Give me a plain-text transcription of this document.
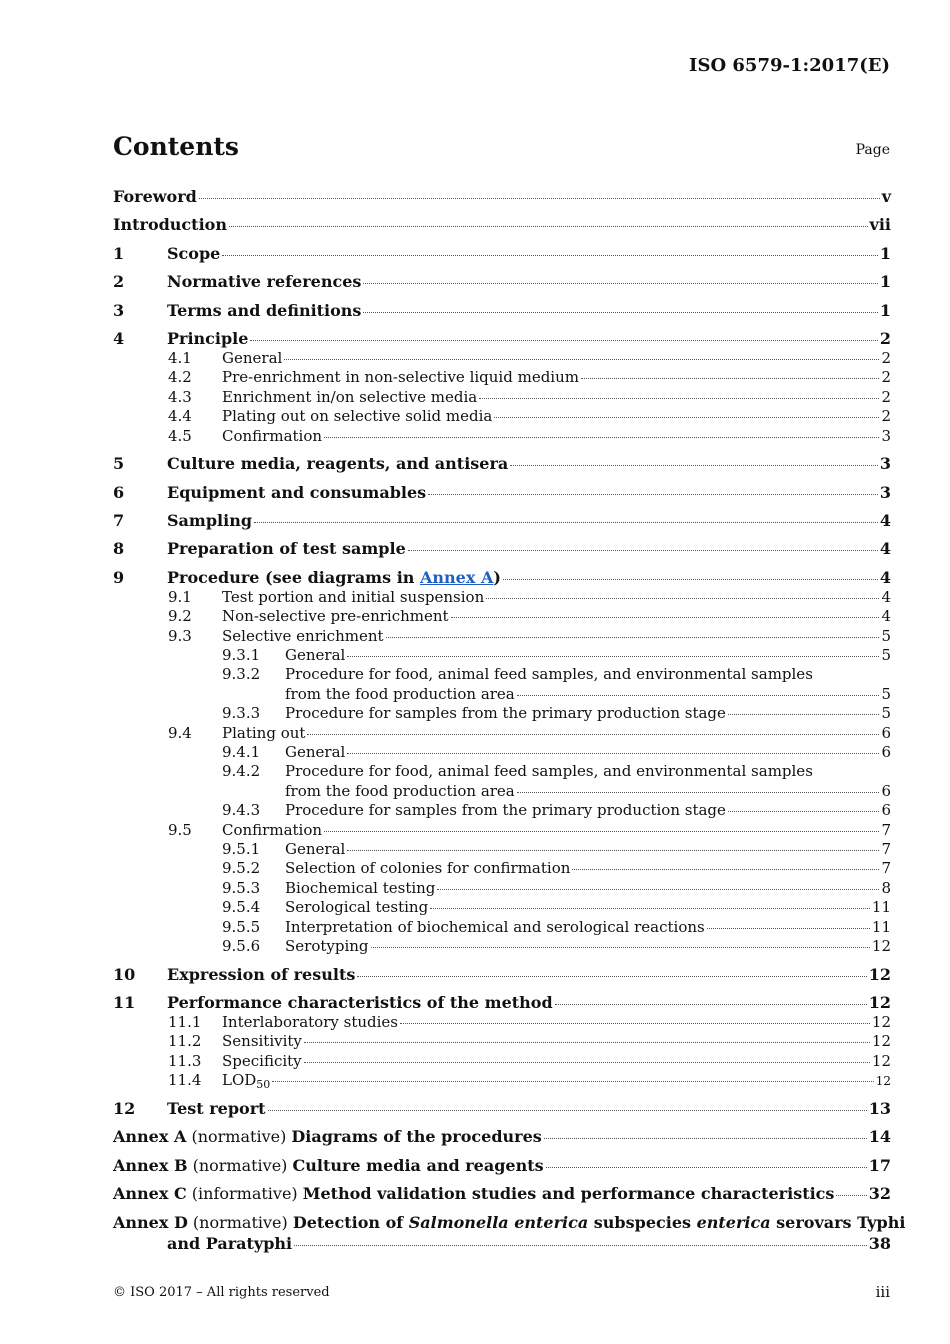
ISO 6579-1:2017(E)
Contents	Page
Foreword	v
Introduction	vii
1	Scope	1
2	Normative references	1
3	Terms and definitions	1
4	Principle	2
4.1 General	2
4.2 Pre-enrichment in non-selective liquid medium	2
4.3 Enrichment in/on selective media	2
4.4 Plating out on selective solid media	2
4.5 Confirmation	3
5	Culture media, reagents, and antisera	3
6	Equipment and consumables	3
7	Sampling	4
8	Preparation of test sample	4
9	Procedure (see diagrams in Annex A)	4
9.1 Test portion and initial suspension	4
9.2 Non-selective pre-enrichment	4
9.3 Selective enrichment	5
9.3.1 General	5
9.3.2 Procedure for food, animal feed samples, and environmental samples
from the food production area	5
9.3.3 Procedure for samples from the primary production stage	5
9.4 Plating out	6
9.4.1 General	6
9.4.2 Procedure for food, animal feed samples, and environmental samples
from the food production area	6
9.4.3 Procedure for samples from the primary production stage	6
9.5 Confirmation	7
9.5.1 General	7
9.5.2 Selection of colonies for confirmation	7
9.5.3 Biochemical testing	8
9.5.4 Serological testing	11
9.5.5 Interpretation of biochemical and serological reactions	11
9.5.6 Serotyping	12
10 Expression of results	12
11 Performance characteristics of the method	12
11.1 Interlaboratory studies	12
11.2 Sensitivity	12
11.3 Specificity	12
11.4 $LOD_{50}$	12
12 Test report	13
Annex A (normative) Diagrams of the procedures	14
Annex B (normative) Culture media and reagents	17
Annex C (informative) Method validation studies and performance characteristics 32
Annex D (normative) Detection of Salmonella enterica subspecies enterica serovars Typhi
and Paratyphi	38
© ISO 2017 – All rights reserved	iii
